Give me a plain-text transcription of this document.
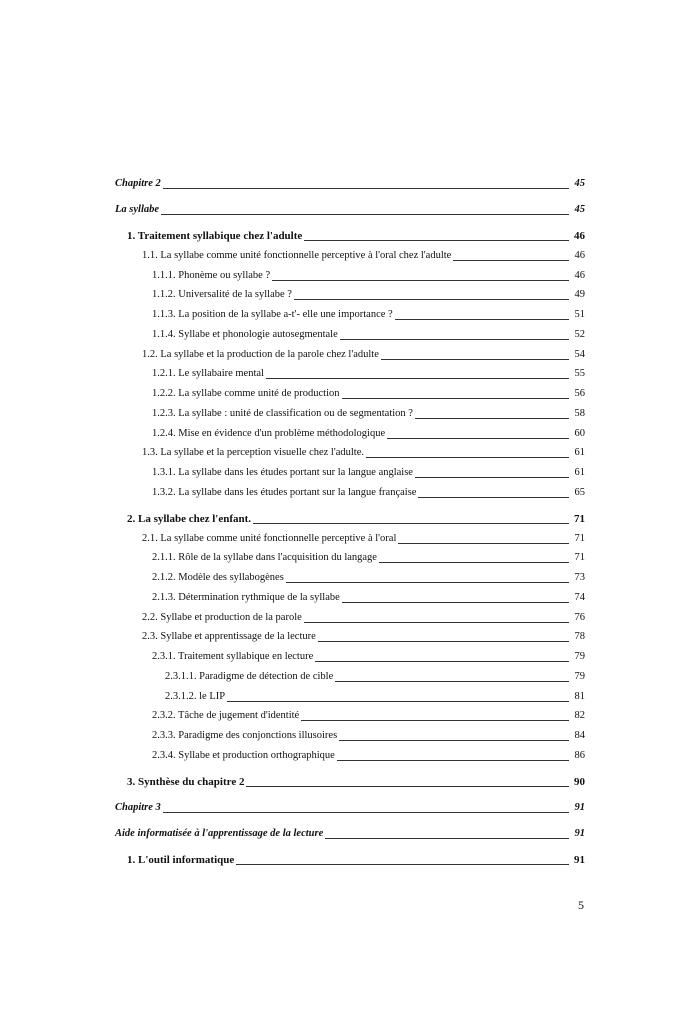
Chapitre 2	45
La syllabe	45
1. Traitement syllabique chez l'adulte	46
1.1. La syllabe comme unité fonctionnelle perceptive à l'oral chez l'adulte	46
1.1.1. Phonème ou syllabe ?	46
1.1.2. Universalité de la syllabe ?	49
1.1.3. La position de la syllabe a-t'- elle une importance ?	51
1.1.4. Syllabe et phonologie autosegmentale	52
1.2. La syllabe et la production de la parole chez l'adulte	54
1.2.1. Le syllabaire mental	55
1.2.2. La syllabe comme unité de production	56
1.2.3. La syllabe : unité de classification ou de segmentation ?	58
1.2.4. Mise en évidence d'un problème méthodologique	60
1.3. La syllabe et la perception visuelle chez l'adulte.	61
1.3.1. La syllabe dans les études portant sur la langue anglaise	61
1.3.2. La syllabe dans les études portant sur la langue française	65
2. La syllabe chez l'enfant.	71
2.1. La syllabe comme unité fonctionnelle perceptive à l'oral	71
2.1.1. Rôle de la syllabe dans l'acquisition du langage	71
2.1.2. Modèle des syllabogènes	73
2.1.3. Détermination rythmique de la syllabe	74
2.2. Syllabe et production de la parole	76
2.3. Syllabe et apprentissage de la lecture	78
2.3.1. Traitement syllabique en lecture	79
2.3.1.1. Paradigme de détection de cible	79
2.3.1.2. le LIP	81
2.3.2. Tâche de jugement d'identité	82
2.3.3. Paradigme des conjonctions illusoires	84
2.3.4. Syllabe et production orthographique	86
3. Synthèse du chapitre 2	90
Chapitre 3	91
Aide informatisée à l'apprentissage de la lecture	91
1. L'outil informatique	91
5
